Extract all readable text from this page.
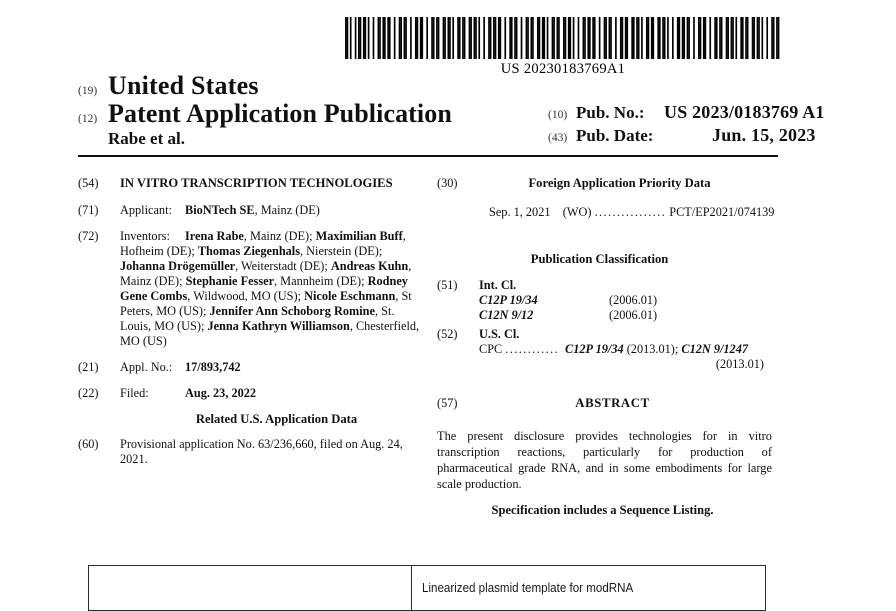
US 20230183769A1
(19) United States
(12) Patent Application Publication
Rabe et al.
(10) Pub. No.:	US 2023/0183769 A1
(43) Pub. Date:	Jun. 15, 2023
(54)	IN VITRO TRANSCRIPTION TECHNOLOGIES
(71)	Applicant: BioNTech SE, Mainz (DE)
(72)	Inventors: Irena Rabe, Mainz (DE); Maximilian Buff, Hofheim (DE); Thomas Ziegenhals, Nierstein (DE); Johanna Drögemüller, Weiterstadt (DE); Andreas Kuhn, Mainz (DE); Stephanie Fesser, Mannheim (DE); Rodney Gene Combs, Wildwood, MO (US); Nicole Eschmann, St Peters, MO (US); Jennifer Ann Schoborg Romine, St. Louis, MO (US); Jenna Kathryn Williamson, Chesterfield, MO (US)
(21)	Appl. No.: 17/893,742
(22)	Filed:	Aug. 23, 2022
Related U.S. Application Data
(60)	Provisional application No. 63/236,660, filed on Aug. 24, 2021.
(30)	Foreign Application Priority Data
Sep. 1, 2021 (WO) ................ PCT/EP2021/074139
Publication Classification
(51)	Int. Cl.
C12P 19/34	(2006.01)
C12N 9/12	(2006.01)
(52)	U.S. Cl.
CPC ............ C12P 19/34 (2013.01); C12N 9/1247
(2013.01)
(57)	ABSTRACT
The present disclosure provides technologies for in vitro transcription reactions, particularly for production of pharmaceutical grade RNA, and in some embodiments for large scale production.
Specification includes a Sequence Listing.
Linearized plasmid template for modRNA
